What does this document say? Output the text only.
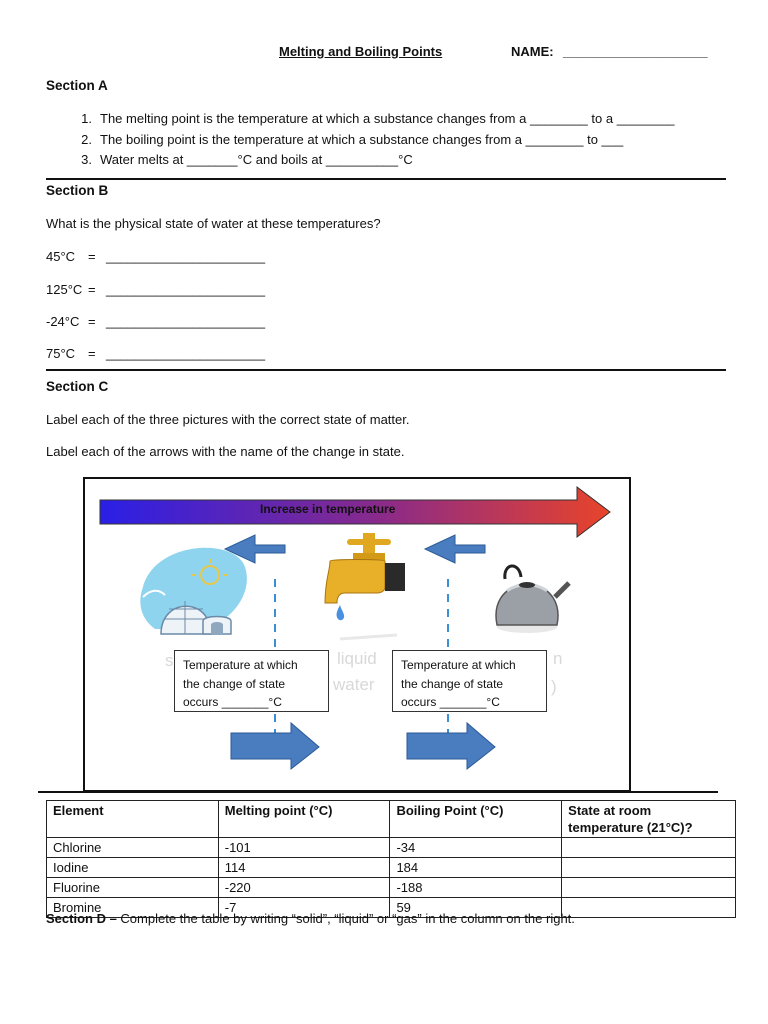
Melting and Boiling Points	NAME: ____________________
Section A
1. The melting point is the temperature at which a substance changes from a ________ to a ________
2. The boiling point is the temperature at which a substance changes from a ________ to ___
3. Water melts at _______°C and boils at __________°C
Section B
What is the physical state of water at these temperatures?
45°C = ______________________
125°C = ______________________
-24°C = ______________________
75°C = ______________________
Section C
Label each of the three pictures with the correct state of matter.
Label each of the arrows with the name of the change in state.
Increase in temperature
s	liquid
water
n
)
Temperature at which
the change of state
occurs _______°C
Temperature at which
the change of state
occurs _______°C
Element	Melting point (°C)	Boiling Point (°C)	State at room temperature (21°C)?
Chlorine	-101	-34	
Iodine	114	184	
Fluorine	-220	-188	
Bromine	-7	59	
Section D – Complete the table by writing “solid”, “liquid” or “gas” in the column on the right.
